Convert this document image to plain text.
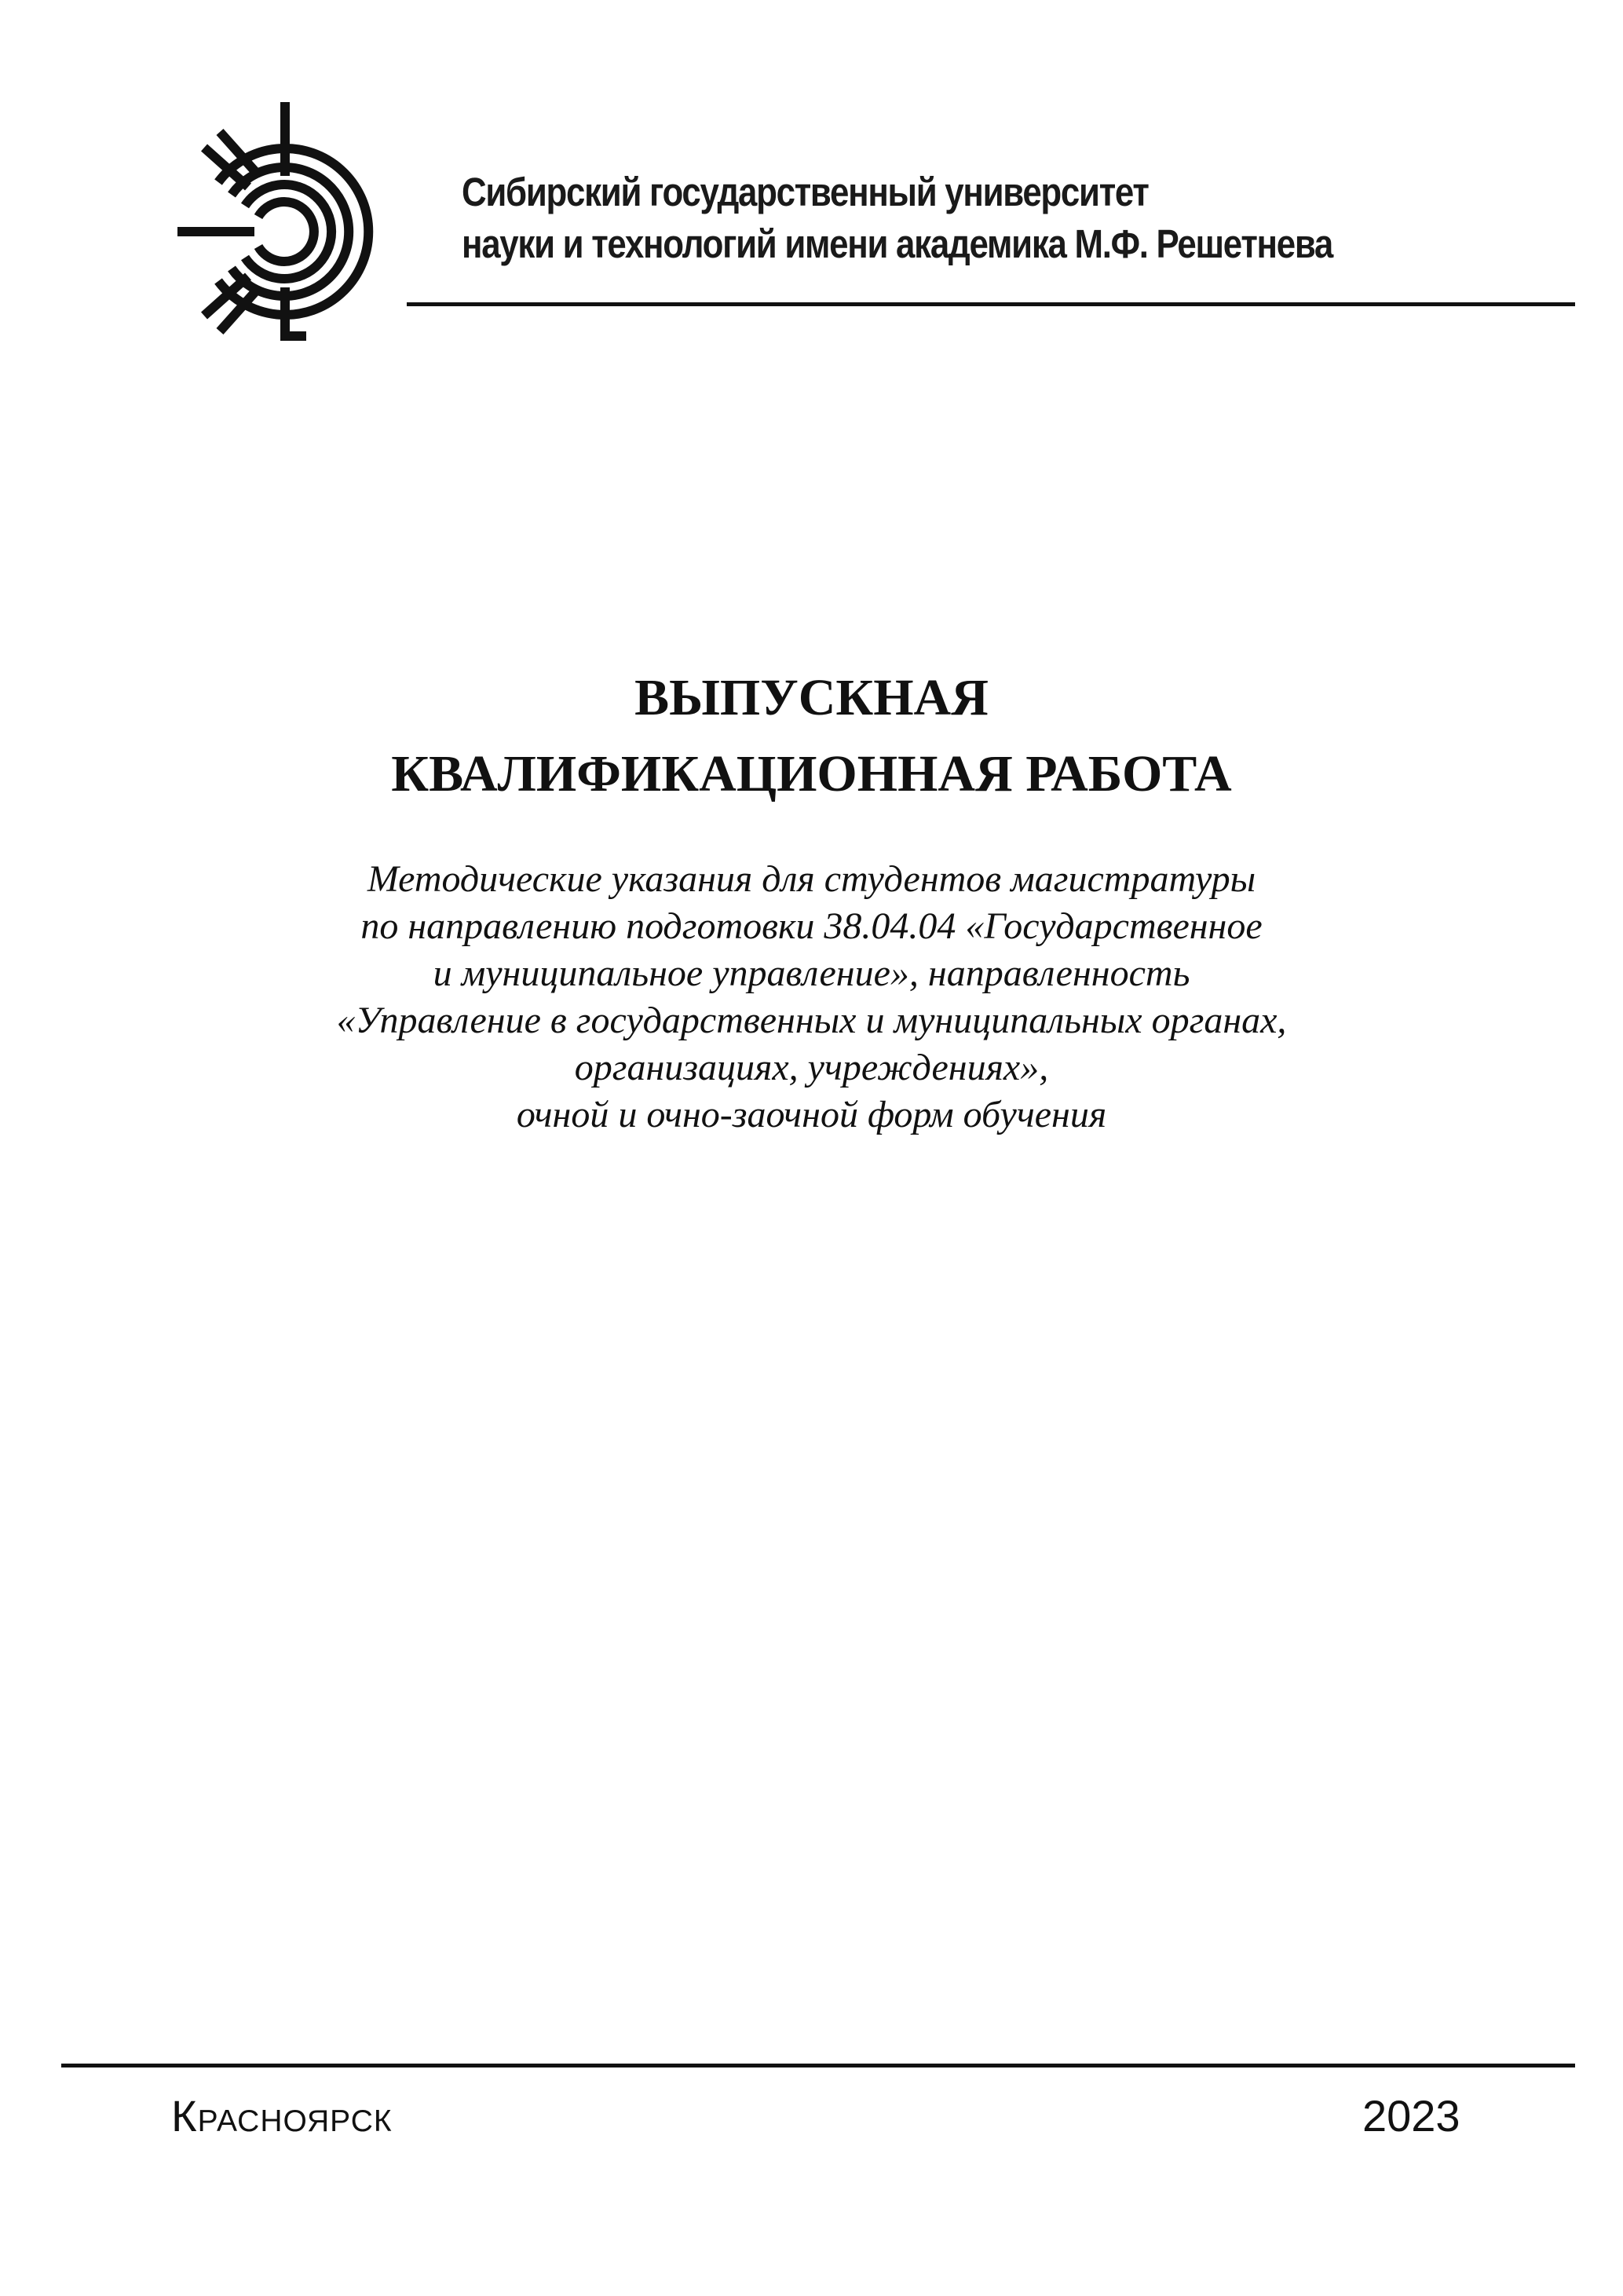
Сибирский государственный университет
науки и технологий имени академика М.Ф. Решетнева
ВЫПУСКНАЯ
КВАЛИФИКАЦИОННАЯ РАБОТА
Методические указания для студентов магистратуры
по направлению подготовки 38.04.04 «Государственное
и муниципальное управление», направленность
«Управление в государственных и муниципальных органах,
организациях, учреждениях»,
очной и очно-заочной форм обучения
Красноярск	2023
